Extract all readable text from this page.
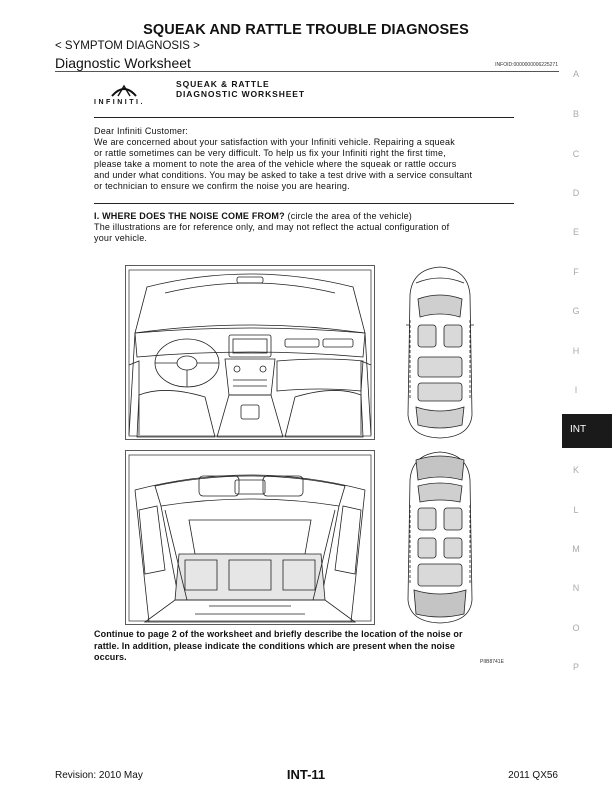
SQUEAK AND RATTLE TROUBLE DIAGNOSES
< SYMPTOM DIAGNOSIS >
Diagnostic Worksheet	INFOID:0000000006225271
A
B
C
D
E
F
G
H
I
K
L
M
N
O
P
INT
INFINITI.
SQUEAK & RATTLE
DIAGNOSTIC WORKSHEET
Dear Infiniti Customer:
We are concerned about your satisfaction with your Infiniti vehicle. Repairing a squeak
or rattle sometimes can be very difficult. To help us fix your Infiniti right the first time,
please take a moment to note the area of the vehicle where the squeak or rattle occurs
and under what conditions. You may be asked to take a test drive with a service consultant
or technician to ensure we confirm the noise you are hearing.
I. WHERE DOES THE NOISE COME FROM? (circle the area of the vehicle)
The illustrations are for reference only, and may not reflect the actual configuration of
your vehicle.
Continue to page 2 of the worksheet and briefly describe the location of the noise or
rattle. In addition, please indicate the conditions which are present when the noise
occurs.	PIIB8741E
Revision: 2010 May	INT-11	2011 QX56
